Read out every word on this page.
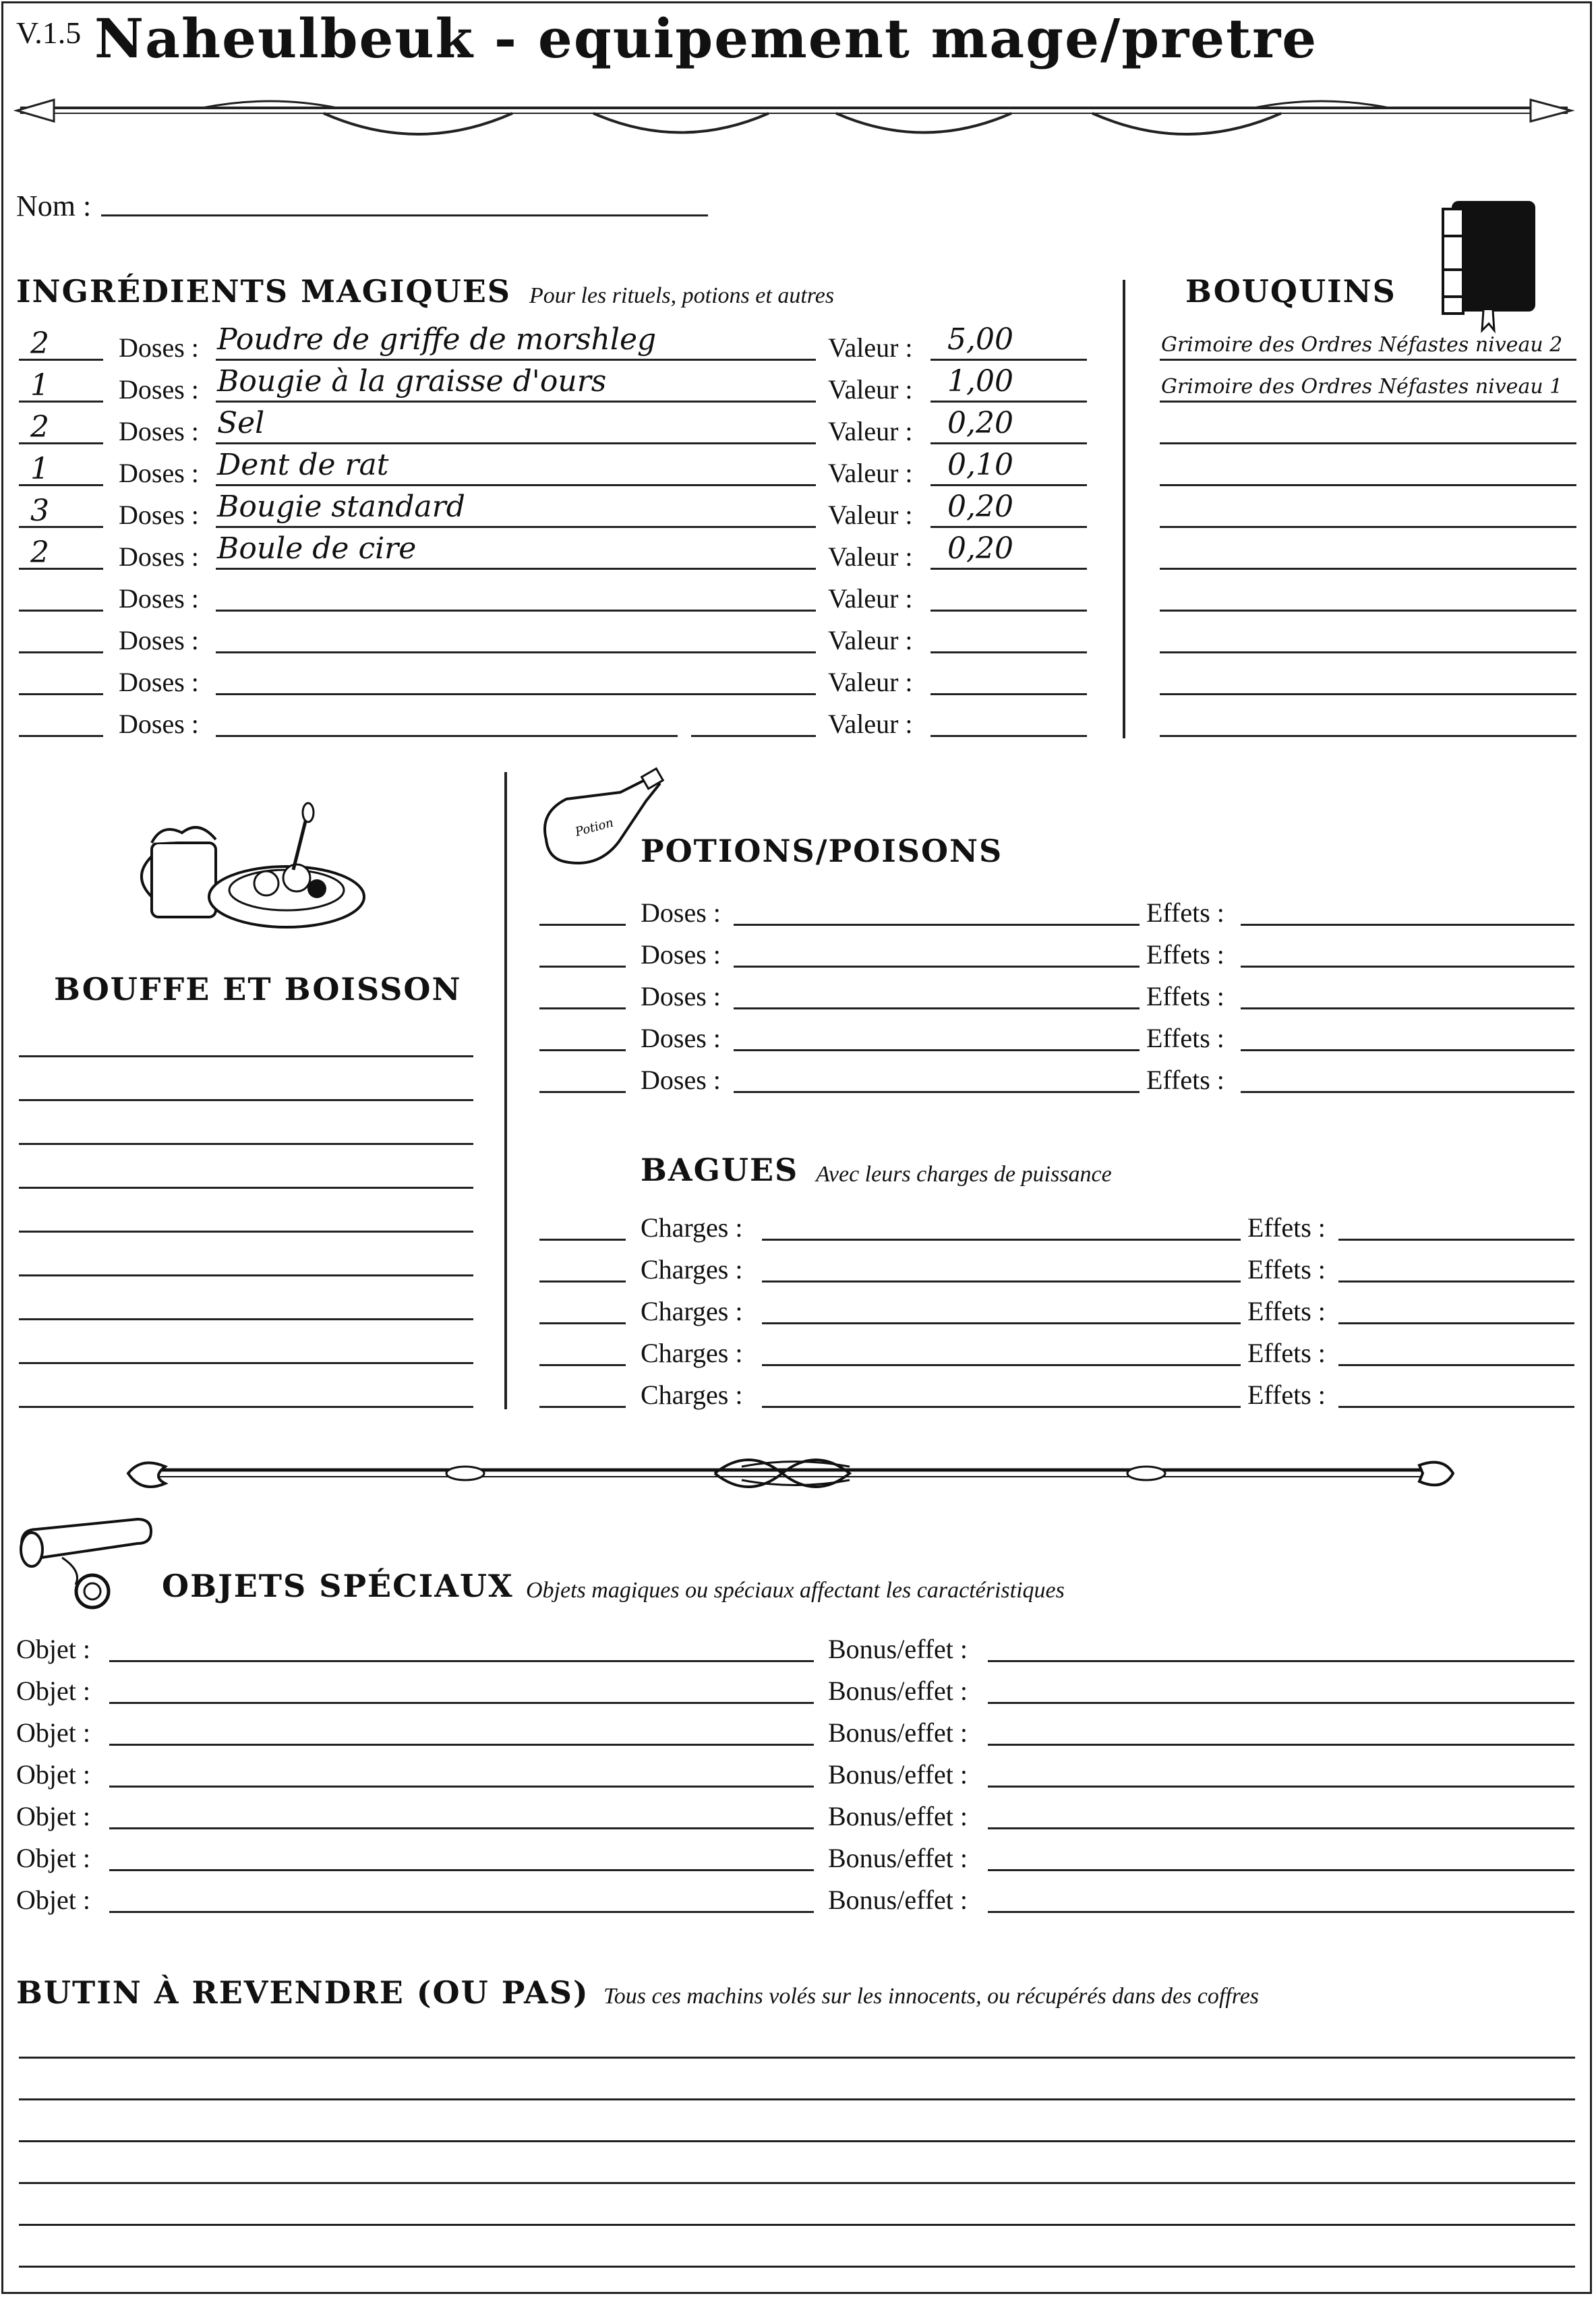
V.1.5 Naheulbeuk - equipement mage/pretre
Nom :
INGRÉDIENTS MAGIQUES Pour les rituels, potions et autres
2	Doses : Poudre de griffe de morshleg	Valeur : 5,00
1	Doses : Bougie à la graisse d'ours	Valeur : 1,00
2	Doses : Sel	Valeur : 0,20
1	Doses : Dent de rat	Valeur : 0,10
3	Doses : Bougie standard	Valeur : 0,20
2	Doses : Boule de cire	Valeur : 0,20
Doses :	Valeur :
Doses :	Valeur :
Doses :	Valeur :
Doses :	Valeur :
BOUQUINS
Grimoire des Ordres Néfastes niveau 2
Grimoire des Ordres Néfastes niveau 1
BOUFFE ET BOISSON
Potion
POTIONS/POISONS
Doses :	Effets :
Doses :	Effets :
Doses :	Effets :
Doses :	Effets :
Doses :	Effets :
BAGUES Avec leurs charges de puissance
Charges :	Effets :
Charges :	Effets :
Charges :	Effets :
Charges :	Effets :
Charges :	Effets :
OBJETS SPÉCIAUX Objets magiques ou spéciaux affectant les caractéristiques
Objet :	Bonus/effet :
Objet :	Bonus/effet :
Objet :	Bonus/effet :
Objet :	Bonus/effet :
Objet :	Bonus/effet :
Objet :	Bonus/effet :
Objet :	Bonus/effet :
BUTIN À REVENDRE (OU PAS) Tous ces machins volés sur les innocents, ou récupérés dans des coffres
